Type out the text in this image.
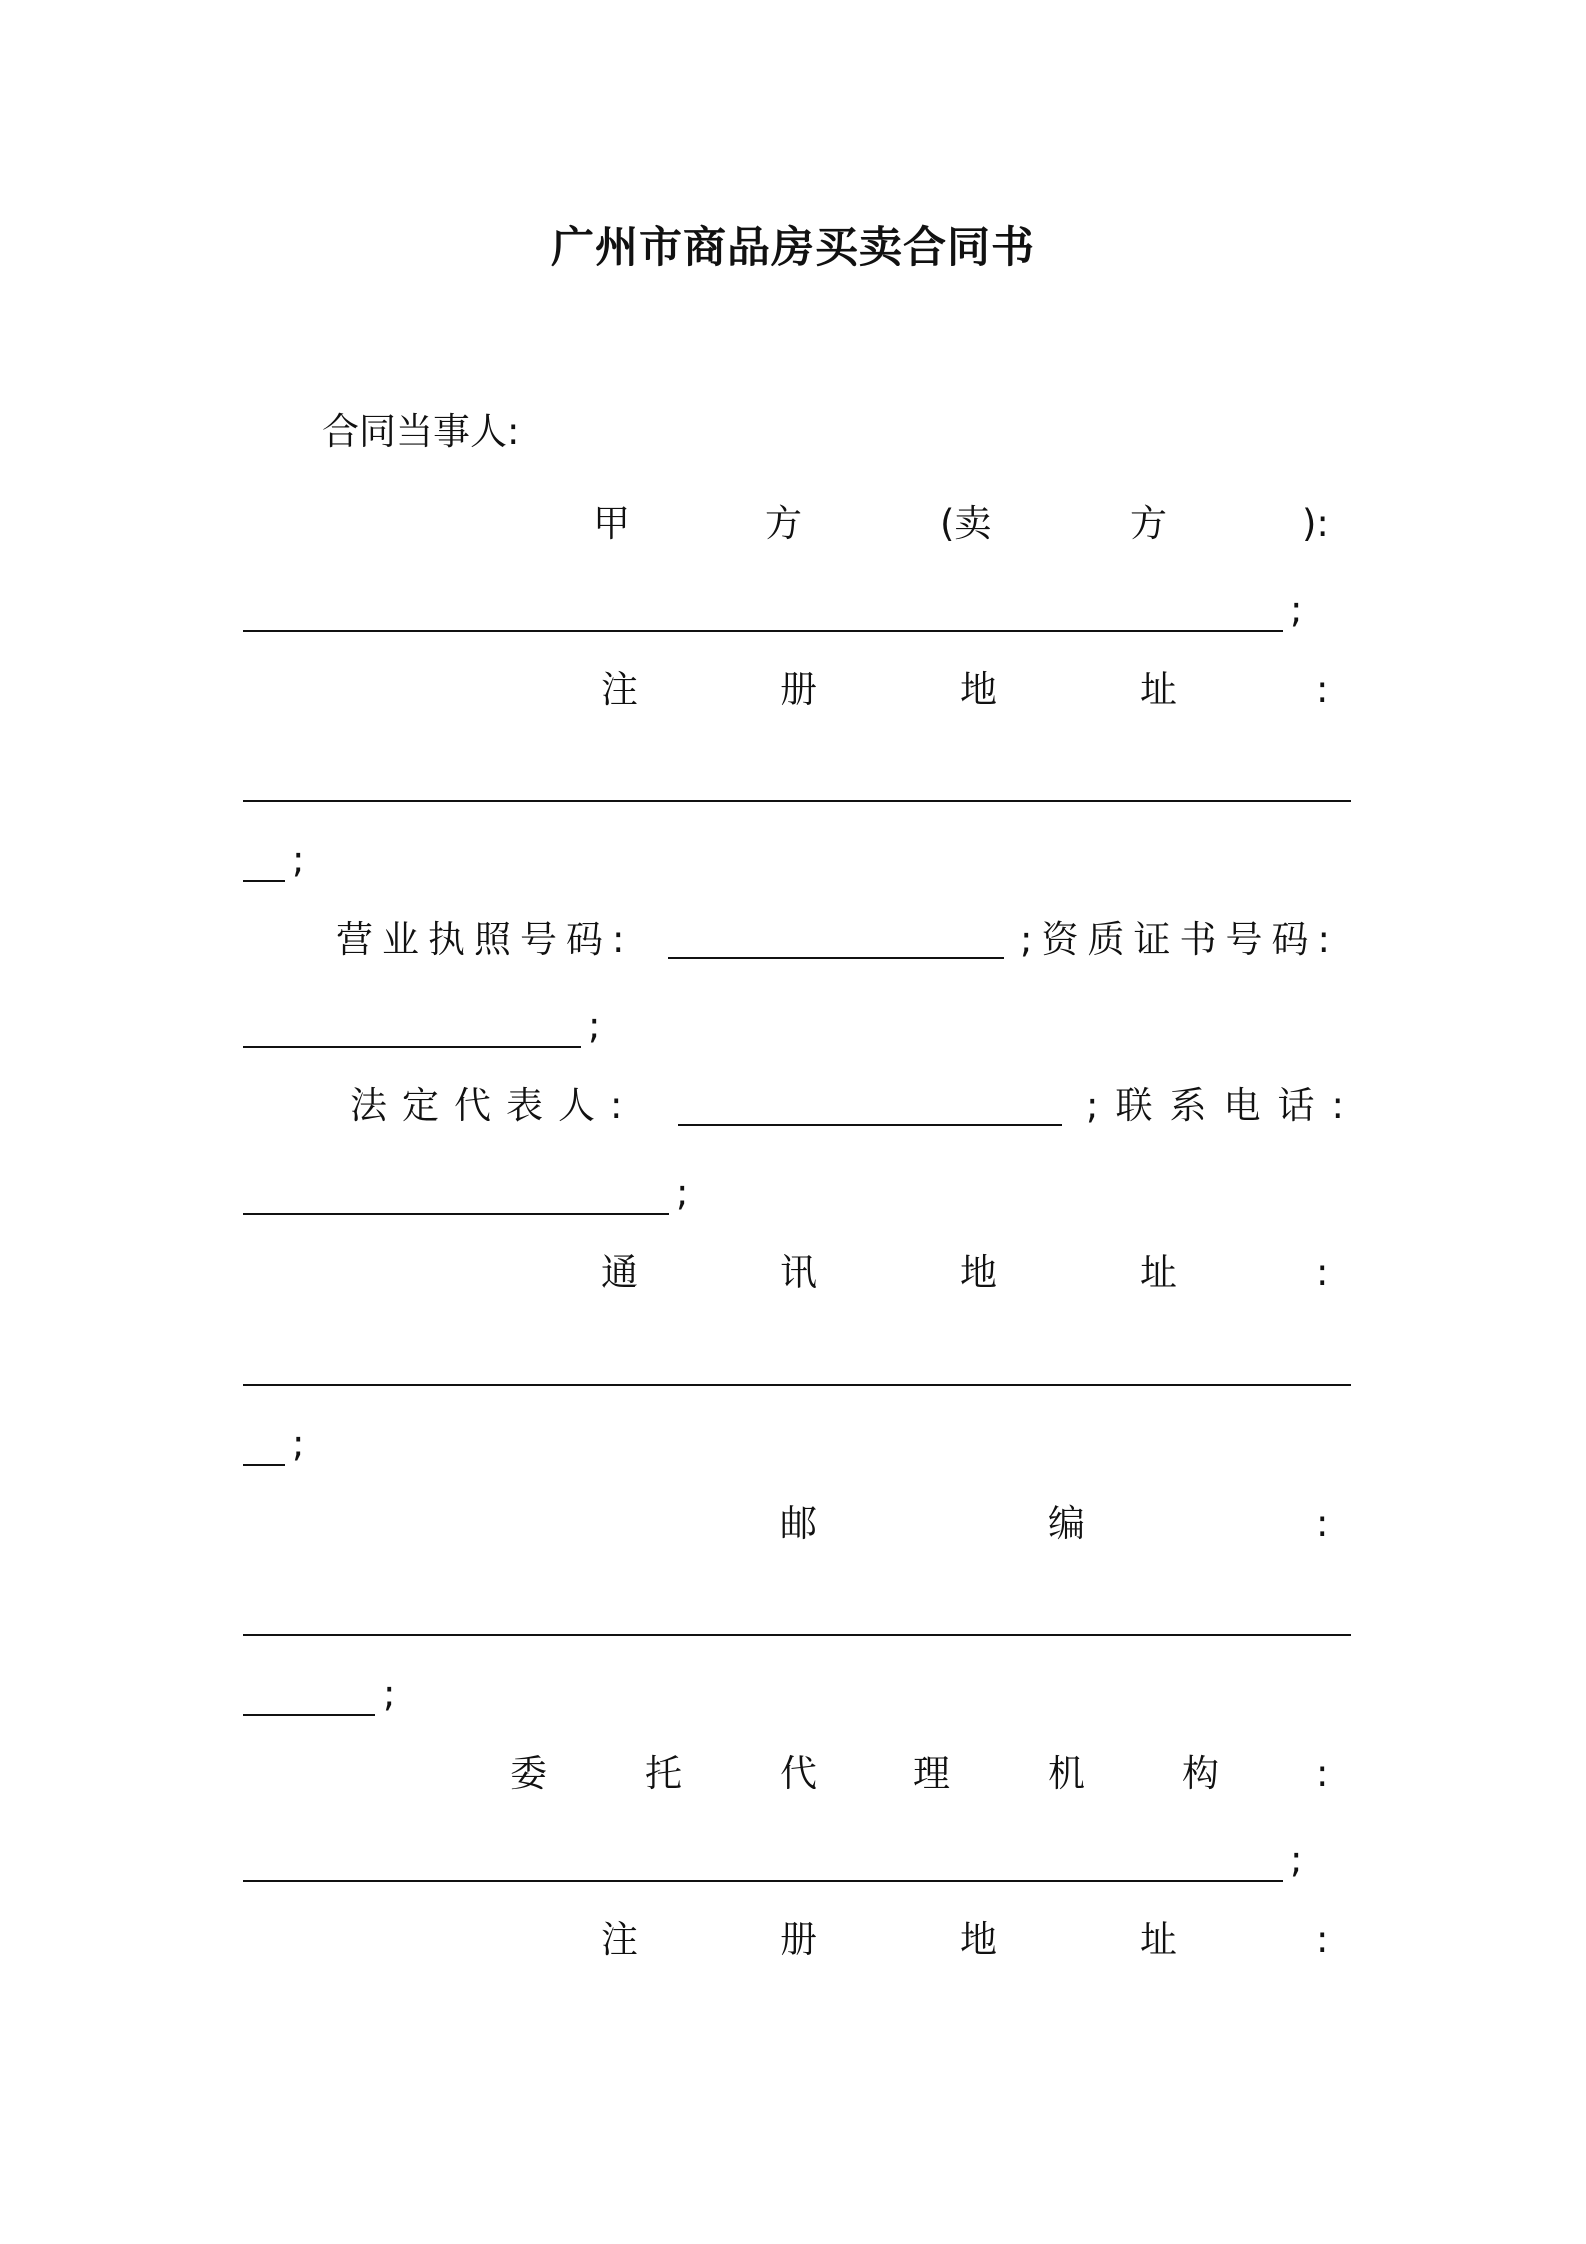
广州市商品房买卖合同书
合同当事人:
甲	方	(卖	方	):
;
注	册	地	址	:
;
营业执照号码:	;资质证书号码:
;
法定代表人:	;联系电话:
;
通	讯	地	址	:
;
邮	编	:
;
委	托	代	理	机	构	:
;
注	册	地	址	:
